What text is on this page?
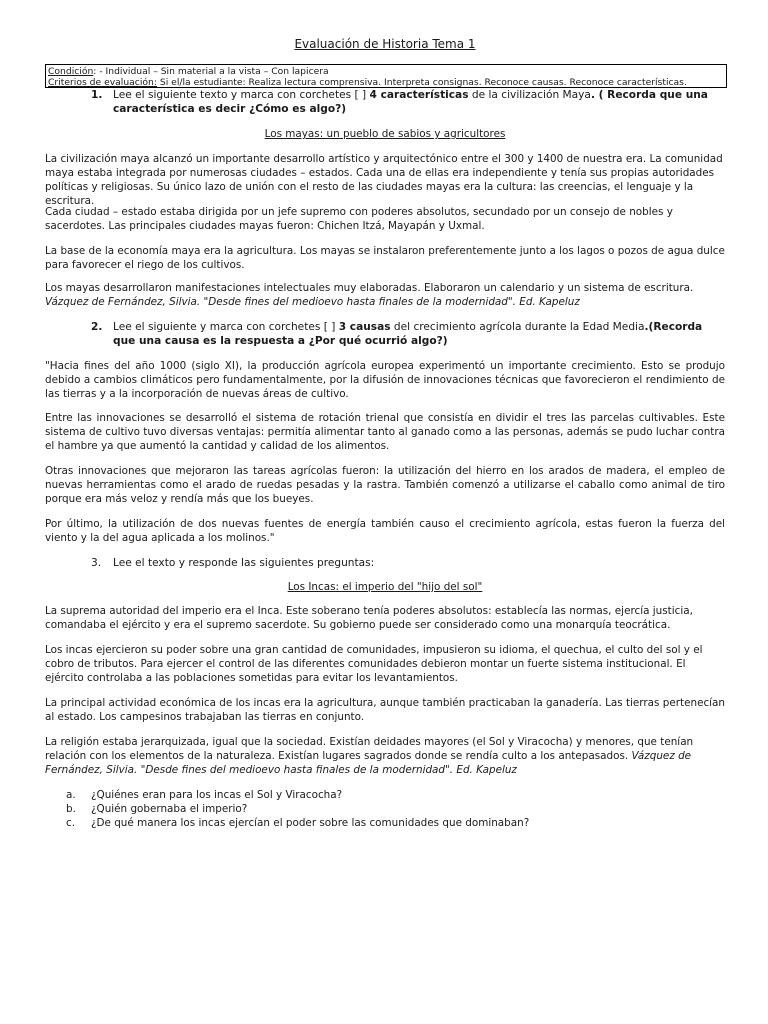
Evaluación de Historia Tema 1
Condición: - Individual – Sin material a la vista – Con lapicera
Criterios de evaluación: Si el/la estudiante: Realiza lectura comprensiva. Interpreta consignas. Reconoce causas. Reconoce características.
1. Lee el siguiente texto y marca con corchetes [ ] 4 características de la civilización Maya. ( Recorda que una característica es decir ¿Cómo es algo?)
Los mayas: un pueblo de sabios y agricultores

La civilización maya alcanzó un importante desarrollo artístico y arquitectónico entre el 300 y 1400 de nuestra era. La comunidad maya estaba integrada por numerosas ciudades – estados. Cada una de ellas era independiente y tenía sus propias autoridades políticas y religiosas. Su único lazo de unión con el resto de las ciudades mayas era la cultura: las creencias, el lenguaje y la escritura.

Cada ciudad – estado estaba dirigida por un jefe supremo con poderes absolutos, secundado por un consejo de nobles y sacerdotes. Las principales ciudades mayas fueron: Chichen Itzá, Mayapán y Uxmal.

La base de la economía maya era la agricultura. Los mayas se instalaron preferentemente junto a los lagos o pozos de agua dulce para favorecer el riego de los cultivos.

Los mayas desarrollaron manifestaciones intelectuales muy elaboradas. Elaboraron un calendario y un sistema de escritura. Vázquez de Fernández, Silvia. "Desde fines del medioevo hasta finales de la modernidad". Ed. Kapeluz

2. Lee el siguiente y marca con corchetes [ ] 3 causas del crecimiento agrícola durante la Edad Media.(Recorda que una causa es la respuesta a ¿Por qué ocurrió algo?)

"Hacia fines del año 1000 (siglo XI), la producción agrícola europea experimentó un importante crecimiento. Esto se produjo debido a cambios climáticos pero fundamentalmente, por la difusión de innovaciones técnicas que favorecieron el rendimiento de las tierras y a la incorporación de nuevas áreas de cultivo.

Entre las innovaciones se desarrolló el sistema de rotación trienal que consistía en dividir el tres las parcelas cultivables. Este sistema de cultivo tuvo diversas ventajas: permitía alimentar tanto al ganado como a las personas, además se pudo luchar contra el hambre ya que aumentó la cantidad y calidad de los alimentos.

Otras innovaciones que mejoraron las tareas agrícolas fueron: la utilización del hierro en los arados de madera, el empleo de nuevas herramientas como el arado de ruedas pesadas y la rastra. También comenzó a utilizarse el caballo como animal de tiro porque era más veloz y rendía más que los bueyes.

Por último, la utilización de dos nuevas fuentes de energía también causo el crecimiento agrícola, estas fueron la fuerza del viento y la del agua aplicada a los molinos."

3. Lee el texto y responde las siguientes preguntas:
Los Incas: el imperio del "hijo del sol"

La suprema autoridad del imperio era el Inca. Este soberano tenía poderes absolutos: establecía las normas, ejercía justicia, comandaba el ejército y era el supremo sacerdote. Su gobierno puede ser considerado como una monarquía teocrática.

Los incas ejercieron su poder sobre una gran cantidad de comunidades, impusieron su idioma, el quechua, el culto del sol y el cobro de tributos. Para ejercer el control de las diferentes comunidades debieron montar un fuerte sistema institucional. El ejército controlaba a las poblaciones sometidas para evitar los levantamientos.

La principal actividad económica de los incas era la agricultura, aunque también practicaban la ganadería. Las tierras pertenecían al estado. Los campesinos trabajaban las tierras en conjunto.

La religión estaba jerarquizada, igual que la sociedad. Existían deidades mayores (el Sol y Viracocha) y menores, que tenían relación con los elementos de la naturaleza. Existían lugares sagrados donde se rendía culto a los antepasados. Vázquez de Fernández, Silvia. "Desde fines del medioevo hasta finales de la modernidad". Ed. Kapeluz

a. ¿Quiénes eran para los incas el Sol y Viracocha?
b. ¿Quién gobernaba el imperio?
c. ¿De qué manera los incas ejercían el poder sobre las comunidades que dominaban?
